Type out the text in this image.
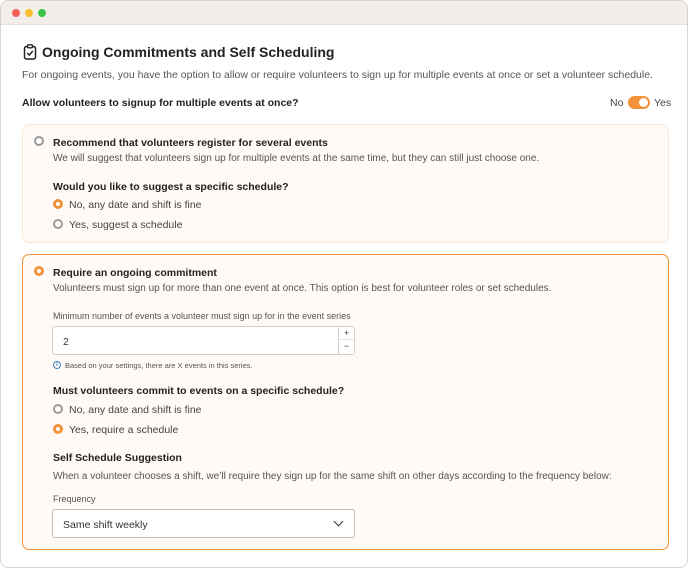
Ongoing Commitments and Self Scheduling
For ongoing events, you have the option to allow or require volunteers to sign up for multiple events at once or set a volunteer schedule.
Allow volunteers to signup for multiple events at once?	No	Yes
Recommend that volunteers register for several events
We will suggest that volunteers sign up for multiple events at the same time, but they can still just choose one.
Would you like to suggest a specific schedule?
No, any date and shift is fine
Yes, suggest a schedule
Require an ongoing commitment
Volunteers must sign up for more than one event at once. This option is best for volunteer roles or set schedules.
Minimum number of events a volunteer must sign up for in the event series
2
+
−
i Based on your settings, there are X events in this series.
Must volunteers commit to events on a specific schedule?
No, any date and shift is fine
Yes, require a schedule
Self Schedule Suggestion
When a volunteer chooses a shift, we’ll require they sign up for the same shift on other days according to the frequency below:
Frequency
Same shift weekly
